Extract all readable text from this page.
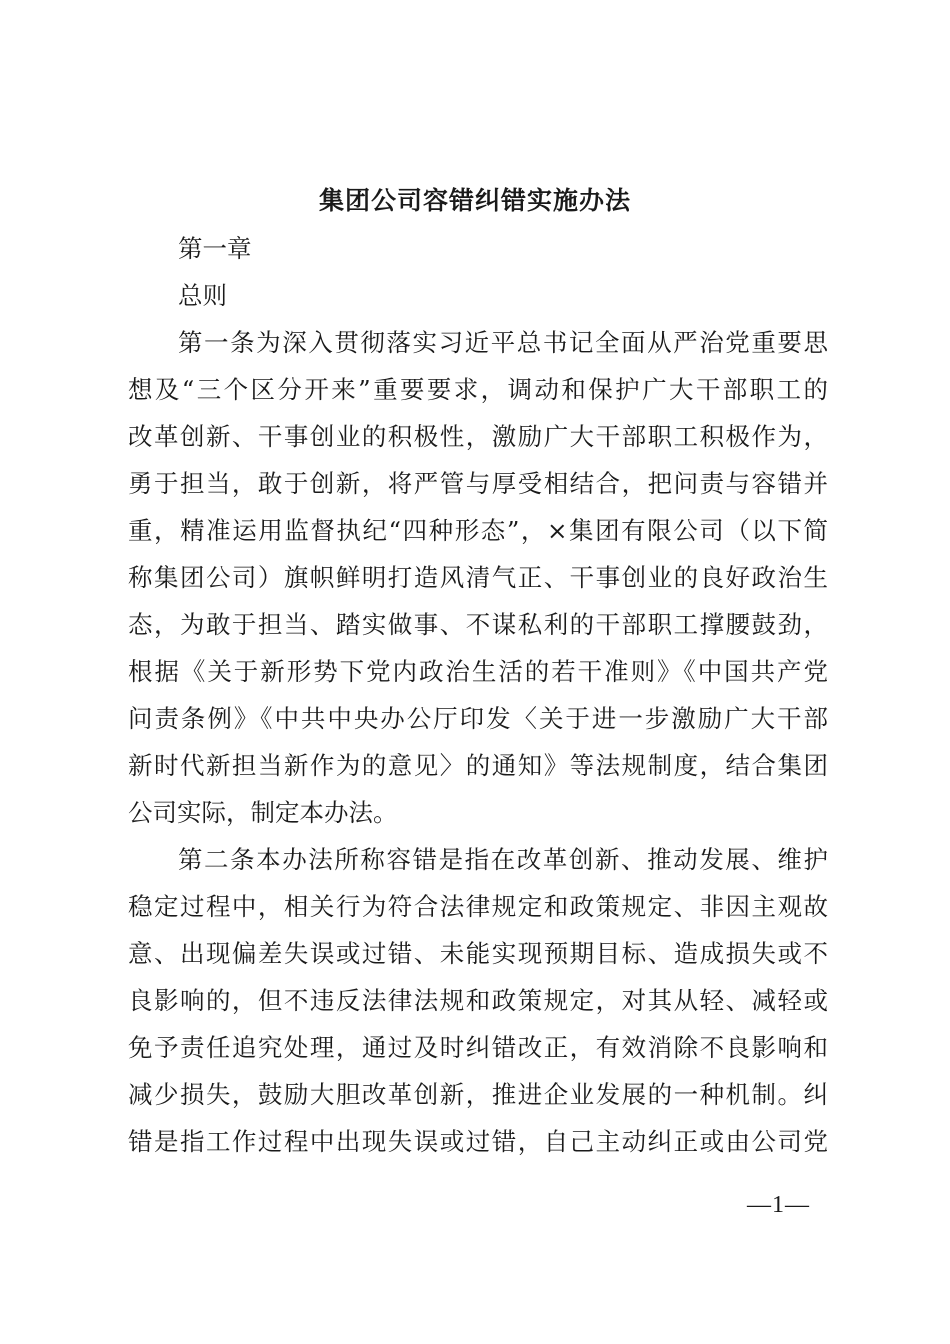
集团公司容错纠错实施办法
第一章
总则
第一条为深入贯彻落实习近平总书记全面从严治党重要思
想及“三个区分开来”重要要求，调动和保护广大干部职工的
改革创新、干事创业的积极性，激励广大干部职工积极作为，
勇于担当，敢于创新，将严管与厚受相结合，把问责与容错并
重，精准运用监督执纪“四种形态”，×集团有限公司（以下简
称集团公司）旗帜鲜明打造风清气正、干事创业的良好政治生
态，为敢于担当、踏实做事、不谋私利的干部职工撑腰鼓劲，
根据《关于新形势下党内政治生活的若干准则》《中国共产党
问责条例》《中共中央办公厅印发〈关于进一步激励广大干部
新时代新担当新作为的意见〉的通知》等法规制度，结合集团
公司实际，制定本办法。
第二条本办法所称容错是指在改革创新、推动发展、维护
稳定过程中，相关行为符合法律规定和政策规定、非因主观故
意、出现偏差失误或过错、未能实现预期目标、造成损失或不
良影响的，但不违反法律法规和政策规定，对其从轻、减轻或
免予责任追究处理，通过及时纠错改正，有效消除不良影响和
减少损失，鼓励大胆改革创新，推进企业发展的一种机制。纠
错是指工作过程中出现失误或过错，自己主动纠正或由公司党
—1—
